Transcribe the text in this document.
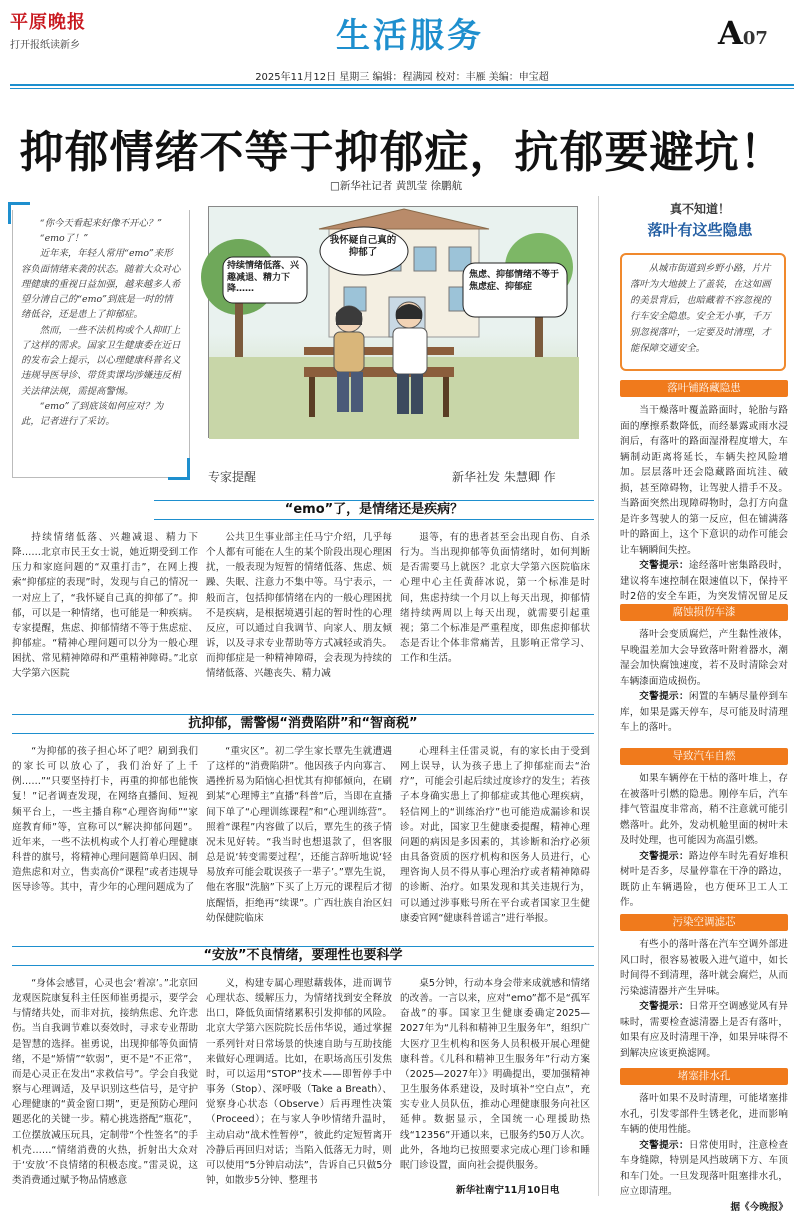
平原晚报
打开报纸读新乡	生活服务	A07
2025年11月12日 星期三 编辑：程满园 校对：丰雁 美编：申宝超
抑郁情绪不等于抑郁症，抗郁要避坑！
□新华社记者 黄凯莹 徐鹏航

“你今天看起来好像不开心？”

“emo了！”

近年来，年轻人常用“emo”来形容负面情绪来袭的状态。随着大众对心理健康的重视日益加强，越来越多人希望分清自己的“emo”到底是一时的情绪低谷，还是患上了抑郁症。

然而，一些不法机构或个人抑盯上了这样的需求。国家卫生健康委在近日的发布会上提示，以心理健康科普名义违规导医导诊、带货卖课均涉嫌违反相关法律法规，需提高警惕。

“emo”了到底该如何应对？为此，记者进行了采访。

我怀疑自己真的抑郁了
持续情绪低落、兴趣减退、精力下降……
焦虑、抑郁情绪不等于焦虑症、抑郁症
专家提醒	新华社发 朱慧卿 作
真不知道！
落叶有这些隐患

从城市街道到乡野小路，片片落叶为大地披上了盖装，在这如画的美景背后，也暗藏着不容忽视的行车安全隐患。安全无小事，千万别忽视落叶，一定要及时清理，才能保障交通安全。

落叶铺路藏隐患
当干燥落叶覆盖路面时，轮胎与路面的摩擦系数降低，而经暴露或雨水浸润后，有落叶的路面湿滑程度增大，车辆制动距离将延长，车辆失控风险增加。层层落叶还会隐藏路面坑洼、破损，甚至障碍物，让驾驶人措手不及。当路面突然出现障碍物时，急打方向盘是许多驾驶人的第一反应，但在铺满落叶的路面上，这个下意识的动作可能会让车辆瞬间失控。
交警提示：途经落叶密集路段时，建议将车速控制在限速值以下，保持平时2倍的安全车距，为突发情况留足反
腐蚀损伤车漆
落叶会变质腐烂，产生黏性液体，早晚温差加大会导致落叶附着器水，潮湿会加快腐蚀速度，若不及时清除会对车辆漆面造成损伤。
交警提示：闲置的车辆尽量停到车库，如果是露天停车，尽可能及时清理车上的落叶。
导致汽车自燃
如果车辆停在干枯的落叶堆上，存在被落叶引燃的隐患。刚停车后，汽车排气管温度非常高，稍不注意就可能引燃落叶。此外，发动机舱里面的树叶未及时处理，也可能因为高温引燃。
交警提示：路边停车时先看好堆积树叶是否多，尽量停靠在干净的路边，既防止车辆遇险，也方便环卫工人工作。
污染空调滤芯
有些小的落叶落在汽车空调外部进风口时，很容易被吸入进气道中，如长时间得不到清理，落叶就会腐烂，从而污染滤清器并产生异味。
交警提示：日常开空调感觉风有异味时，需要检查滤清器上是否有落叶，如果有应及时清理干净，如果异味得不到解决应该更换滤网。
堵塞排水孔
落叶如果不及时清理，可能堵塞排水孔，引发零部件生锈老化，进而影响车辆的使用性能。
交警提示：日常使用时，注意检查车身缝隙，特别是风挡玻璃下方、车顶和车门处。一旦发现落叶阻塞排水孔，应立即清理。
据《今晚报》
“emo”了，是情绪还是疾病？

持续情绪低落、兴趣减退、精力下降……北京市民王女士说，她近期受到工作压力和家庭问题的“双重打击”，在网上搜索“抑郁症的表现”时，发现与自己的情况一一对应上了，“我怀疑自己真的抑郁了”。抑郁，可以是一种情绪，也可能是一种疾病。专家提醒，焦虑、抑郁情绪不等于焦虑症、抑郁症。“精神心理问题可以分为一般心理困扰、常见精神障碍和严重精神障碍。”北京大学第六医院

公共卫生事业部主任马宁介绍，几乎每个人都有可能在人生的某个阶段出现心理困扰，一般表现为短暂的情绪低落、焦虑、烦躁、失眠、注意力不集中等。马宁表示，一般而言，包括抑郁情绪在内的一般心理困扰不是疾病，是根据境遇引起的暂时性的心理反应，可以通过自我调节、向家人、朋友倾诉，以及寻求专业帮助等方式减轻或消失。而抑郁症是一种精神障碍，会表现为持续的情绪低落、兴趣丧失、精力减

退等，有的患者甚至会出现自伤、自杀行为。当出现抑郁等负面情绪时，如何判断是否需要马上就医？北京大学第六医院临床心理中心主任黄薛冰说，第一个标准是时间，焦虑持续一个月以上每天出现，抑郁情绪持续两周以上每天出现，就需要引起重视；第二个标准是严重程度，即焦虑抑郁状态是否让个体非常痛苦，且影响正常学习、工作和生活。

抗抑郁，需警惕“消费陷阱”和“智商税”

“为抑郁的孩子担心坏了吧？刷到我们的家长可以放心了，我们治好了上千例……”“只要坚持打卡，再重的抑郁也能恢复！”记者调查发现，在网络直播间、短视频平台上，一些主播自称“心理咨询师”“家庭教育师”等，宣称可以“解决抑郁问题”。近年来，一些不法机构或个人打着心理健康科普的旗号，将精神心理问题简单归因、制造焦虑和对立，售卖高价“课程”或者违规导医导诊等。其中，青少年的心理问题成为了

“重灾区”。初二学生家长覃先生就遭遇了这样的“消费陷阱”。他因孩子内向寡言、遇挫折易为陌恼心担忧其有抑郁倾向，在刷到某“心理博主”直播“科普”后，当即在直播间下单了“心理训练课程”和“心理训练营”。照着“课程”内容做了以后，覃先生的孩子情况未见好转。“我当时也想退款了，但客服总是说‘转变需要过程’，还能言辞听地说‘轻易放弃可能会耽误孩子一辈子’。”覃先生说，他在客服“洗脑”下买了上万元的课程后才彻底醒悟，拒绝再“续课”。广西壮族自治区妇幼保健院临床

心理科主任雷灵说，有的家长由于受到网上误导，认为孩子患上了抑郁症而去“治疗”，可能会引起后续过度诊疗的发生；若孩子本身确实患上了抑郁症或其他心理疾病，轻信网上的“训练治疗”也可能造成漏诊和误诊。对此，国家卫生健康委提醒，精神心理问题的病因是多因素的，其诊断和治疗必须由具备资质的医疗机构和医务人员进行，心理咨询人员不得从事心理治疗或者精神障碍的诊断、治疗。如果发现和其关违规行为，可以通过涉事账号所在平台或者国家卫生健康委官网“健康科普谣言”进行举报。

“安放”不良情绪，要理性也要科学

“身体会感冒，心灵也会‘着凉’。”北京回龙观医院康复科主任医师崔勇提示，要学会与情绪共处，而非对抗，接纳焦虑、允许悲伤。当自我调节难以奏效时，寻求专业帮助是智慧的选择。崔勇说，出现抑郁等负面情绪，不是“矫情”“软弱”，更不是“不正常”，而是心灵正在发出“求救信号”。学会自我觉察与心理调适，及早识别这些信号，是守护心理健康的“黄金窗口期”，更是预防心理问题恶化的关键一步。精心挑选搭配“瓶花”，工位摆放减压玩具，定制带“个性签名”的手机壳……“情绪消费的火热，折射出大众对于‘安放’不良情绪的积极态度。”雷灵说，这类消费通过赋予物品情感意

义，构建专属心理慰藉载体，进而调节心理状态、缓解压力，为情绪找到安全释放出口，降低负面情绪累积引发抑郁的风险。北京大学第六医院院长岳伟华说，通过掌握一系列针对日常场景的快速自助与互助技能来做好心理调适。比如，在职场高压引发焦时，可以运用“STOP”技术——即暂停手中事务（Stop）、深呼吸（Take a Breath）、觉察身心状态（Observe）后再理性决策（Proceed）；在与家人争吵情绪升温时，主动启动“战术性暂停”，彼此约定短暂离开冷静后再回归对话；当陷入低落无力时，则可以使用“5分钟启动法”，告诉自己只做5分钟，如散步5分钟、整理书

桌5分钟，行动本身会带来成就感和情绪的改善。一言以来，应对“emo”都不是“孤军奋战”的事。国家卫生健康委确定2025—2027年为“儿科和精神卫生服务年”，组织广大医疗卫生机构和医务人员积极开展心理健康科普。《儿科和精神卫生服务年”行动方案（2025—2027年）》明确提出，要加强精神卫生服务体系建设，及时填补“空白点”，充实专业人员队伍，推动心理健康服务向社区延伸。数据显示，全国统一心理援助热线“12356”开通以来，已服务约50万人次。此外，各地均已按照要求完成心理门诊和睡眠门诊设置，面向社会提供服务。

新华社南宁11月10日电
